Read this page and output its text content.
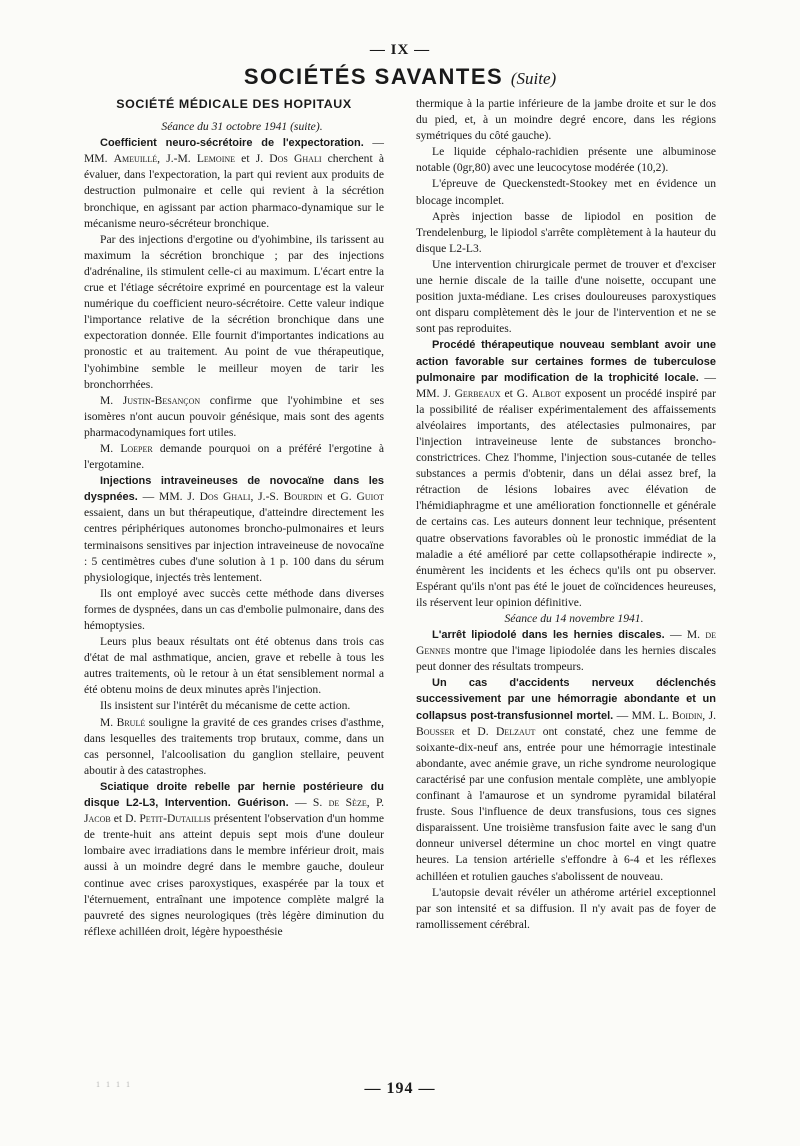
— IX —
SOCIÉTÉS SAVANTES (Suite)
SOCIÉTÉ MÉDICALE DES HOPITAUX

Séance du 31 octobre 1941 (suite).

Coefficient neuro-sécrétoire de l'expectoration. — MM. Ameuillé, J.-M. Lemoine et J. Dos Ghali cherchent à évaluer, dans l'expectoration, la part qui revient aux produits de destruction pulmonaire et celle qui revient à la sécrétion bronchique, en agissant par action pharmaco-dynamique sur le mécanisme neuro-sécréteur bronchique.

Par des injections d'ergotine ou d'yohimbine, ils tarissent au maximum la sécrétion bronchique ; par des injections d'adrénaline, ils stimulent celle-ci au maximum. L'écart entre la crue et l'étiage sécrétoire exprimé en pourcentage est la valeur numérique du coefficient neuro-sécrétoire. Cette valeur indique l'importance relative de la sécrétion bronchique dans une expectoration donnée. Elle fournit d'importantes indications au pronostic et au traitement. Au point de vue thérapeutique, l'yohimbine semble le meilleur moyen de tarir les bronchorrhées.

M. Justin-Besançon confirme que l'yohimbine et ses isomères n'ont aucun pouvoir génésique, mais sont des agents pharmacodynamiques fort utiles.

M. Loeper demande pourquoi on a préféré l'ergotine à l'ergotamine.

Injections intraveineuses de novocaïne dans les dyspnées. — MM. J. Dos Ghali, J.-S. Bourdin et G. Guiot essaient, dans un but thérapeutique, d'atteindre directement les centres périphériques autonomes broncho-pulmonaires et leurs terminaisons sensitives par injection intraveineuse de novocaïne : 5 centimètres cubes d'une solution à 1 p. 100 dans du sérum physiologique, injectés très lentement.

Ils ont employé avec succès cette méthode dans diverses formes de dyspnées, dans un cas d'embolie pulmonaire, dans des hémoptysies.

Leurs plus beaux résultats ont été obtenus dans trois cas d'état de mal asthmatique, ancien, grave et rebelle à tous les autres traitements, où le retour à un état sensiblement normal a été obtenu moins de deux minutes après l'injection.

Ils insistent sur l'intérêt du mécanisme de cette action.

M. Brulé souligne la gravité de ces grandes crises d'asthme, dans lesquelles des traitements trop brutaux, comme, dans un cas personnel, l'alcoolisation du ganglion stellaire, peuvent aboutir à des catastrophes.

Sciatique droite rebelle par hernie postérieure du disque L2-L3, Intervention. Guérison. — S. de Sèze, P. Jacob et D. Petit-Dutaillis présentent l'observation d'un homme de trente-huit ans atteint depuis sept mois d'une douleur lombaire avec irradiations dans le membre inférieur droit, mais aussi à un moindre degré dans le membre gauche, douleur continue avec crises paroxystiques, exaspérée par la toux et l'éternuement, entraînant une impotence complète malgré la pauvreté des signes neurologiques (très légère diminution du réflexe achilléen droit, légère hypoesthésie

thermique à la partie inférieure de la jambe droite et sur le dos du pied, et, à un moindre degré encore, dans les régions symétriques du côté gauche).

Le liquide céphalo-rachidien présente une albuminose notable (0gr,80) avec une leucocytose modérée (10,2).

L'épreuve de Queckenstedt-Stookey met en évidence un blocage incomplet.

Après injection basse de lipiodol en position de Trendelenburg, le lipiodol s'arrête complètement à la hauteur du disque L2-L3.

Une intervention chirurgicale permet de trouver et d'exciser une hernie discale de la taille d'une noisette, occupant une position juxta-médiane. Les crises douloureuses paroxystiques ont disparu complètement dès le jour de l'intervention et ne se sont pas reproduites.

Procédé thérapeutique nouveau semblant avoir une action favorable sur certaines formes de tuberculose pulmonaire par modification de la trophicité locale. — MM. J. Gerbeaux et G. Albot exposent un procédé inspiré par la possibilité de réaliser expérimentalement des affaissements alvéolaires importants, des atélectasies pulmonaires, par l'injection intraveineuse lente de substances broncho-constrictrices. Chez l'homme, l'injection sous-cutanée de telles substances a permis d'obtenir, dans un délai assez bref, la rétraction de lésions lobaires avec élévation de l'hémidiaphragme et une amélioration fonctionnelle et générale de certains cas. Les auteurs donnent leur technique, présentent quatre observations favorables où le pronostic immédiat de la maladie a été amélioré par cette collapsothérapie indirecte », énumèrent les incidents et les échecs qu'ils ont pu observer. Espérant qu'ils n'ont pas été le jouet de coïncidences heureuses, ils réservent leur opinion définitive.

Séance du 14 novembre 1941.

L'arrêt lipiodolé dans les hernies discales. — M. de Gennes montre que l'image lipiodolée dans les hernies discales peut donner des résultats trompeurs.

Un cas d'accidents nerveux déclenchés successivement par une hémorragie abondante et un collapsus post-transfusionnel mortel. — MM. L. Boidin, J. Bousser et D. Delzaut ont constaté, chez une femme de soixante-dix-neuf ans, entrée pour une hémorragie intestinale abondante, avec anémie grave, un riche syndrome neurologique caractérisé par une confusion mentale complète, une amblyopie confinant à l'amaurose et un syndrome pyramidal bilatéral fruste. Sous l'influence de deux transfusions, tous ces signes disparaissent. Une troisième transfusion faite avec le sang d'un donneur universel détermine un choc mortel en vingt quatre heures. La tension artérielle s'effondre à 6-4 et les réflexes achilléen et rotulien gauches s'abolissent de nouveau.

L'autopsie devait révéler un athérome artériel exceptionnel par son intensité et sa diffusion. Il n'y avait pas de foyer de ramollissement cérébral.

1 1 1 1	— 194 —
